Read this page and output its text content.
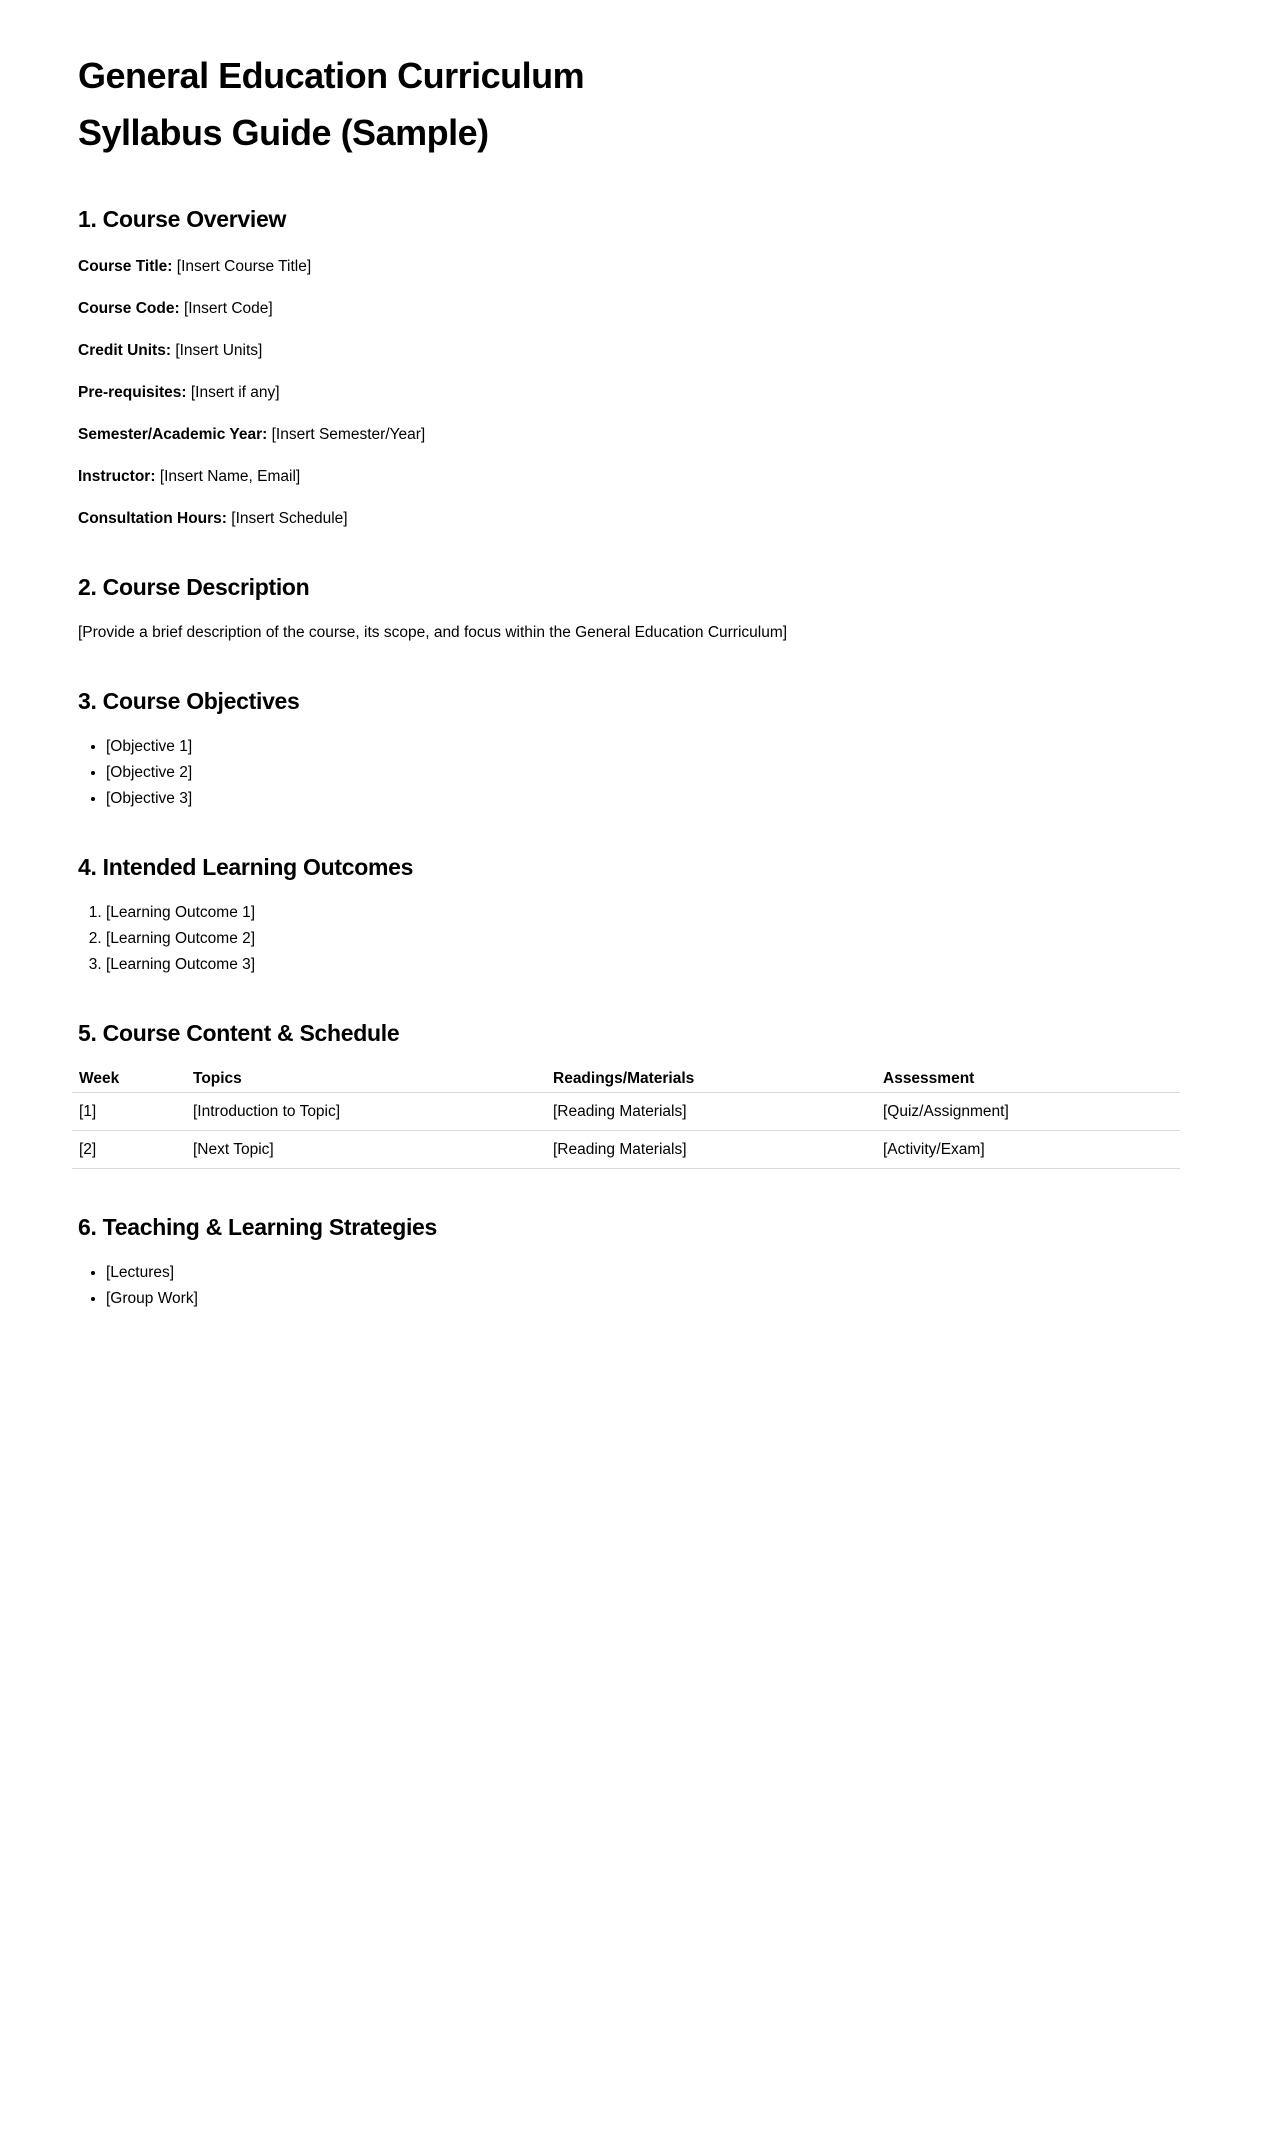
General Education Curriculum
Syllabus Guide (Sample)
1. Course Overview

Course Title: [Insert Course Title]

Course Code: [Insert Code]

Credit Units: [Insert Units]

Pre-requisites: [Insert if any]

Semester/Academic Year: [Insert Semester/Year]

Instructor: [Insert Name, Email]

Consultation Hours: [Insert Schedule]

2. Course Description

[Provide a brief description of the course, its scope, and focus within the General Education Curriculum]

3. Course Objectives
• [Objective 1]
• [Objective 2]
• [Objective 3]
4. Intended Learning Outcomes
1. [Learning Outcome 1]
2. [Learning Outcome 2]
3. [Learning Outcome 3]
5. Course Content & Schedule
Week	Topics	Readings/Materials	Assessment
[1]	[Introduction to Topic]	[Reading Materials]	[Quiz/Assignment]
[2]	[Next Topic]	[Reading Materials]	[Activity/Exam]
6. Teaching & Learning Strategies
• [Lectures]
• [Group Work]
